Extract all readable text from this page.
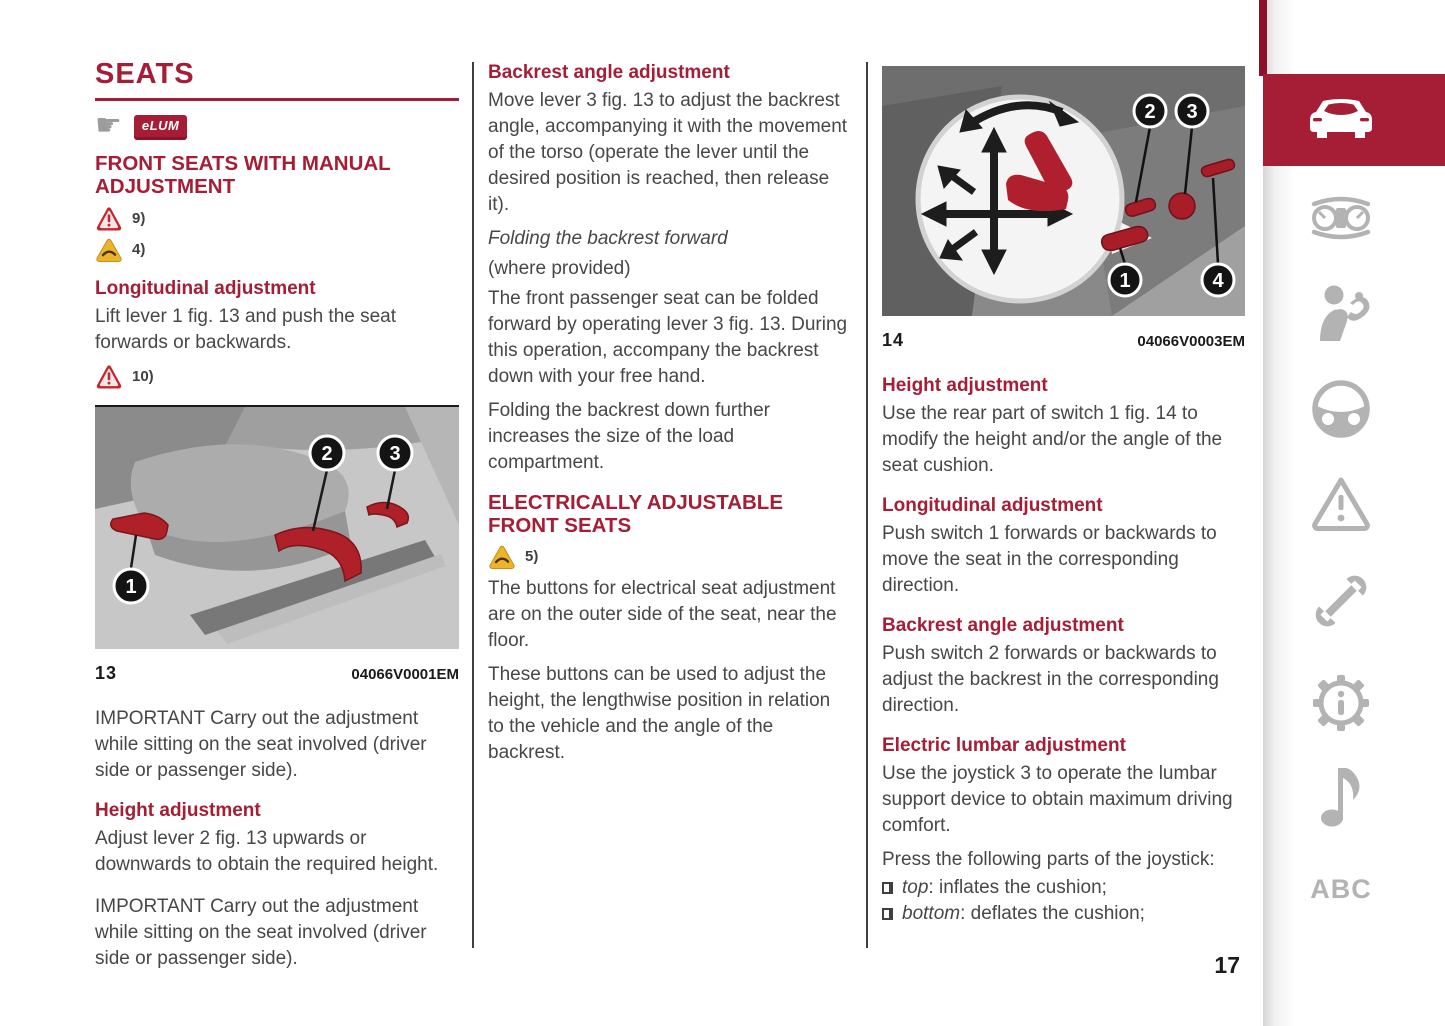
SEATS
☛	eLUM
FRONT SEATS WITH MANUAL ADJUSTMENT
9)
4)
Longitudinal adjustment

Lift lever 1 fig. 13 and push the seat forwards or backwards.

10)
1
2	3
13	04066V0001EM

IMPORTANT Carry out the adjustment while sitting on the seat involved (driver side or passenger side).

Height adjustment

Adjust lever 2 fig. 13 upwards or downwards to obtain the required height.

IMPORTANT Carry out the adjustment while sitting on the seat involved (driver side or passenger side).

Backrest angle adjustment

Move lever 3 fig. 13 to adjust the backrest angle, accompanying it with the movement of the torso (operate the lever until the desired position is reached, then release it).

Folding the backrest forward

(where provided)

The front passenger seat can be folded forward by operating lever 3 fig. 13. During this operation, accompany the backrest down with your free hand.

Folding the backrest down further increases the size of the load compartment.

ELECTRICALLY ADJUSTABLE FRONT SEATS
5)

The buttons for electrical seat adjustment are on the outer side of the seat, near the floor.

These buttons can be used to adjust the height, the lengthwise position in relation to the vehicle and the angle of the backrest.

1
2 3
4
14	04066V0003EM
Height adjustment

Use the rear part of switch 1 fig. 14 to modify the height and/or the angle of the seat cushion.

Longitudinal adjustment

Push switch 1 forwards or backwards to move the seat in the corresponding direction.

Backrest angle adjustment

Push switch 2 forwards or backwards to adjust the backrest in the corresponding direction.

Electric lumbar adjustment

Use the joystick 3 to operate the lumbar support device to obtain maximum driving comfort.

Press the following parts of the joystick:

top: inflates the cushion;

bottom: deflates the cushion;

ABC
17
